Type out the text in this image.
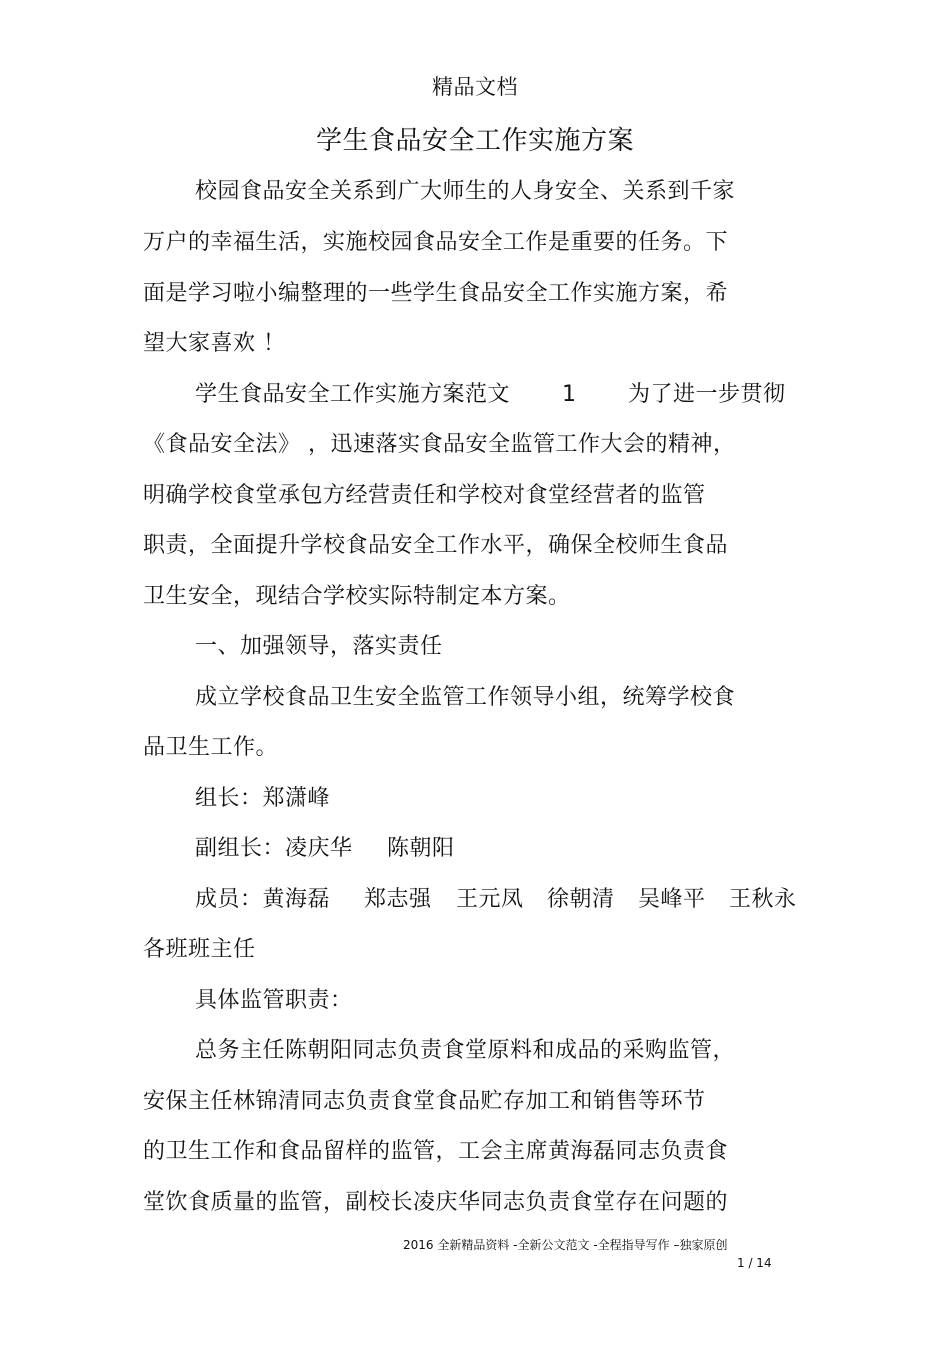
精品文档
学生食品安全工作实施方案
校园食品安全关系到广大师生的人身安全、关系到千家
万户的幸福生活，实施校园食品安全工作是重要的任务。下
面是学习啦小编整理的一些学生食品安全工作实施方案，希
望大家喜欢 ！
学生食品安全工作实施方案范文 1 为了进一步贯彻
《食品安全法》 ，迅速落实食品安全监管工作大会的精神，
明确学校食堂承包方经营责任和学校对食堂经营者的监管
职责，全面提升学校食品安全工作水平，确保全校师生食品
卫生安全，现结合学校实际特制定本方案。
一、加强领导，落实责任
成立学校食品卫生安全监管工作领导小组，统筹学校食
品卫生工作。
组长：郑潇峰
副组长：凌庆华 陈朝阳
成员：黄海磊 郑志强 王元凤 徐朝清 吴峰平 王秋永
各班班主任
具体监管职责：
总务主任陈朝阳同志负责食堂原料和成品的采购监管，
安保主任林锦清同志负责食堂食品贮存加工和销售等环节
的卫生工作和食品留样的监管，工会主席黄海磊同志负责食
堂饮食质量的监管，副校长凌庆华同志负责食堂存在问题的
2016 全新精品资料 -全新公文范文 -全程指导写作 –独家原创
1 / 14
